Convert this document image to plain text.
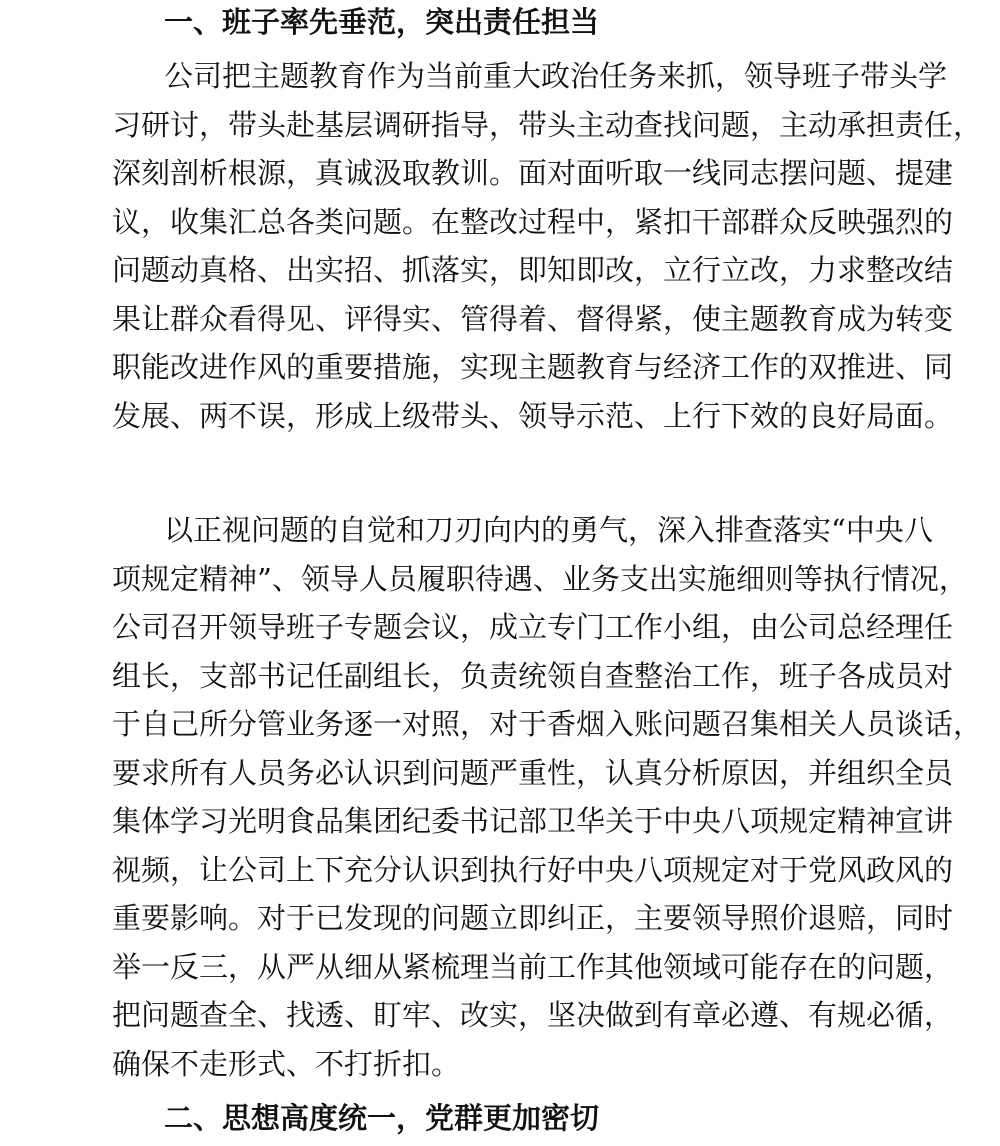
一、班子率先垂范，突出责任担当
公司把主题教育作为当前重大政治任务来抓，领导班子带头学
习研讨，带头赴基层调研指导，带头主动查找问题，主动承担责任，
深刻剖析根源，真诚汲取教训。面对面听取一线同志摆问题、提建
议，收集汇总各类问题。在整改过程中，紧扣干部群众反映强烈的
问题动真格、出实招、抓落实，即知即改，立行立改，力求整改结
果让群众看得见、评得实、管得着、督得紧，使主题教育成为转变
职能改进作风的重要措施，实现主题教育与经济工作的双推进、同
发展、两不误，形成上级带头、领导示范、上行下效的良好局面。
以正视问题的自觉和刀刃向内的勇气，深入排查落实“中央八
项规定精神”、领导人员履职待遇、业务支出实施细则等执行情况，
公司召开领导班子专题会议，成立专门工作小组，由公司总经理任
组长，支部书记任副组长，负责统领自查整治工作，班子各成员对
于自己所分管业务逐一对照，对于香烟入账问题召集相关人员谈话，
要求所有人员务必认识到问题严重性，认真分析原因，并组织全员
集体学习光明食品集团纪委书记部卫华关于中央八项规定精神宣讲
视频，让公司上下充分认识到执行好中央八项规定对于党风政风的
重要影响。对于已发现的问题立即纠正，主要领导照价退赔，同时
举一反三，从严从细从紧梳理当前工作其他领域可能存在的问题，
把问题查全、找透、盯牢、改实，坚决做到有章必遵、有规必循，
确保不走形式、不打折扣。
二、思想高度统一，党群更加密切
